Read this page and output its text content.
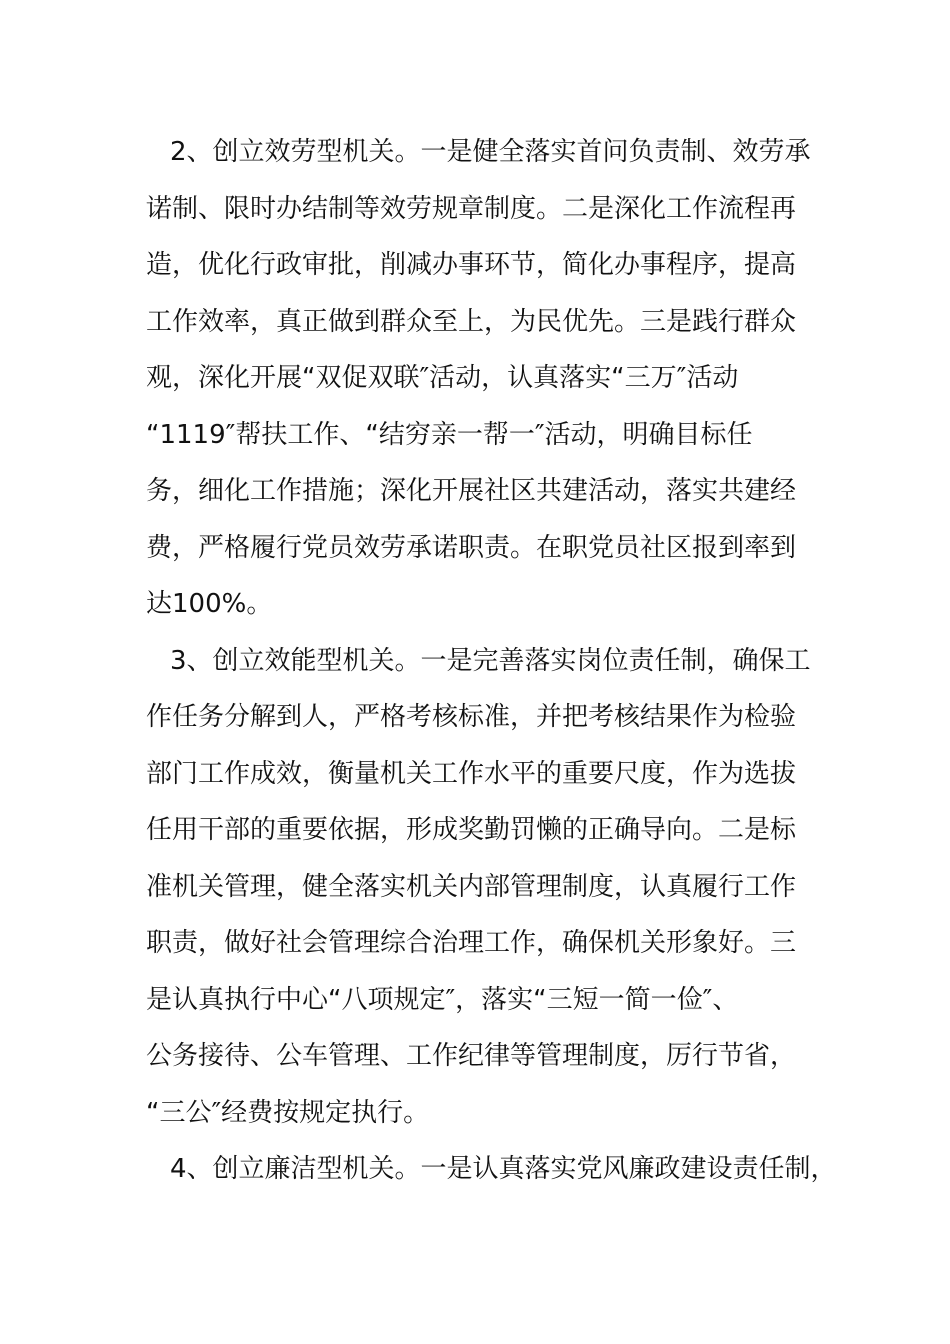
2、创立效劳型机关。一是健全落实首问负责制、效劳承
诺制、限时办结制等效劳规章制度。二是深化工作流程再
造，优化行政审批，削减办事环节，简化办事程序，提高
工作效率，真正做到群众至上，为民优先。三是践行群众
观，深化开展“双促双联″活动，认真落实“三万″活动
“1119″帮扶工作、“结穷亲一帮一″活动，明确目标任
务，细化工作措施；深化开展社区共建活动，落实共建经
费，严格履行党员效劳承诺职责。在职党员社区报到率到
达100%。
3、创立效能型机关。一是完善落实岗位责任制，确保工
作任务分解到人，严格考核标准，并把考核结果作为检验
部门工作成效，衡量机关工作水平的重要尺度，作为选拔
任用干部的重要依据，形成奖勤罚懒的正确导向。二是标
准机关管理，健全落实机关内部管理制度，认真履行工作
职责，做好社会管理综合治理工作，确保机关形象好。三
是认真执行中心“八项规定″，落实“三短一简一俭″、
公务接待、公车管理、工作纪律等管理制度，厉行节省，
“三公″经费按规定执行。
4、创立廉洁型机关。一是认真落实党风廉政建设责任制，
